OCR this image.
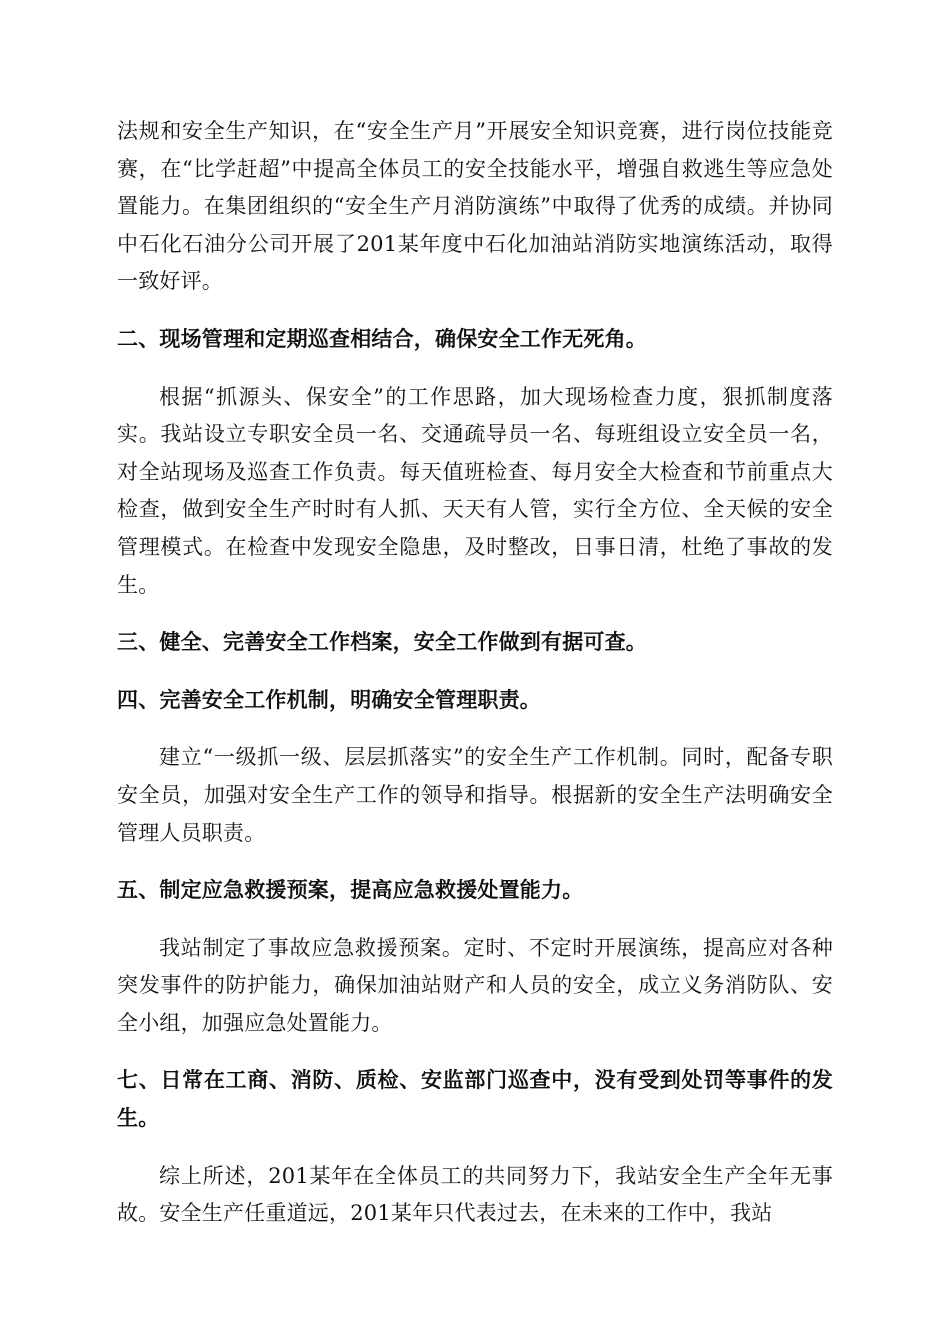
法规和安全生产知识，在“安全生产月”开展安全知识竞赛，进行岗位技能竞赛，在“比学赶超”中提高全体员工的安全技能水平，增强自救逃生等应急处置能力。在集团组织的“安全生产月消防演练”中取得了优秀的成绩。并协同中石化石油分公司开展了201某年度中石化加油站消防实地演练活动，取得一致好评。

二、现场管理和定期巡查相结合，确保安全工作无死角。

根据“抓源头、保安全”的工作思路，加大现场检查力度，狠抓制度落实。我站设立专职安全员一名、交通疏导员一名、每班组设立安全员一名，对全站现场及巡查工作负责。每天值班检查、每月安全大检查和节前重点大检查，做到安全生产时时有人抓、天天有人管，实行全方位、全天候的安全管理模式。在检查中发现安全隐患，及时整改，日事日清，杜绝了事故的发生。

三、健全、完善安全工作档案，安全工作做到有据可查。
四、完善安全工作机制，明确安全管理职责。

建立“一级抓一级、层层抓落实”的安全生产工作机制。同时，配备专职安全员，加强对安全生产工作的领导和指导。根据新的安全生产法明确安全管理人员职责。

五、制定应急救援预案，提高应急救援处置能力。

我站制定了事故应急救援预案。定时、不定时开展演练，提高应对各种突发事件的防护能力，确保加油站财产和人员的安全，成立义务消防队、安全小组，加强应急处置能力。

七、日常在工商、消防、质检、安监部门巡查中，没有受到处罚等事件的发生。

综上所述，201某年在全体员工的共同努力下，我站安全生产全年无事故。安全生产任重道远，201某年只代表过去，在未来的工作中，我站
